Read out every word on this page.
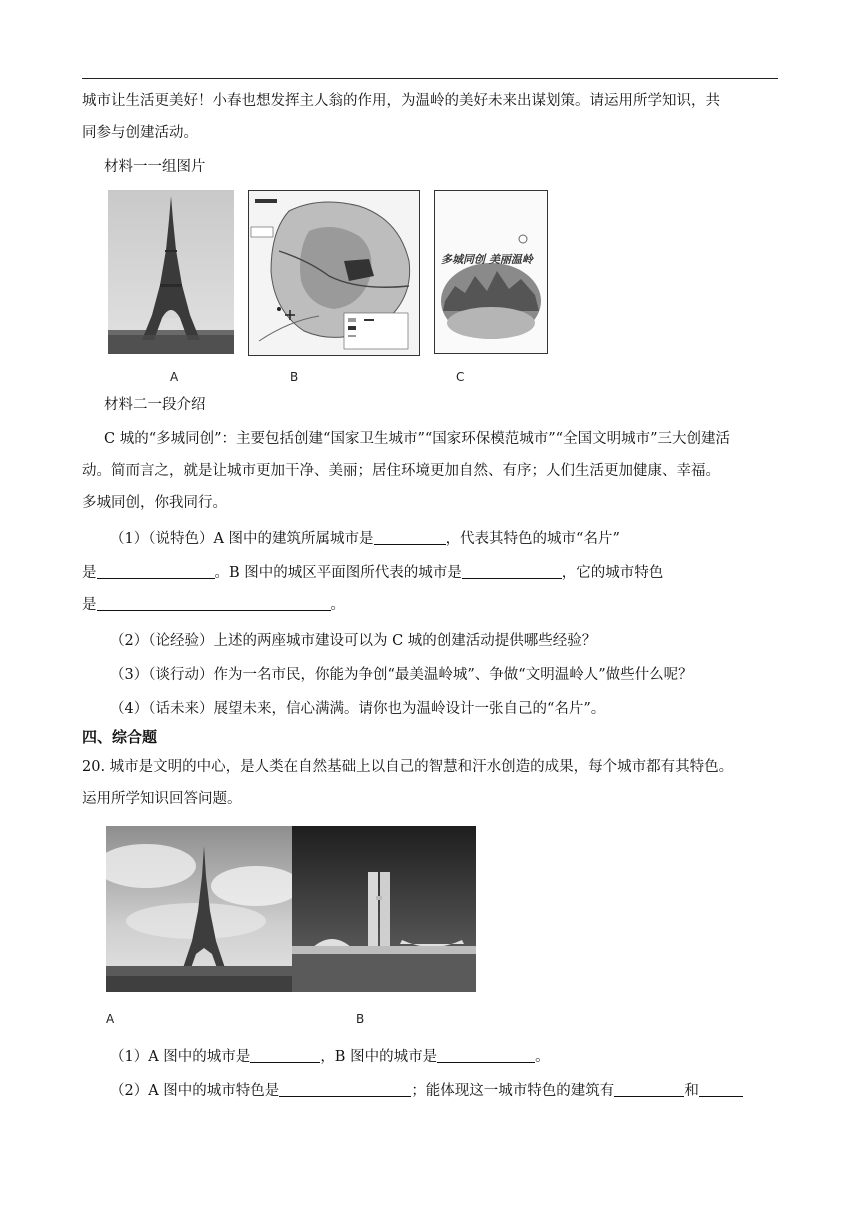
城市让生活更美好！小春也想发挥主人翁的作用，为温岭的美好未来出谋划策。请运用所学知识，共
同参与创建活动。
材料一一组图片
多城同创 美丽温岭
A	B	C
材料二一段介绍
C 城的“多城同创”：主要包括创建“国家卫生城市”“国家环保模范城市”“全国文明城市”三大创建活
动。简而言之，就是让城市更加干净、美丽；居住环境更加自然、有序；人们生活更加健康、幸福。
多城同创，你我同行。
（1）（说特色）A 图中的建筑所属城市是	，代表其特色的城市“名片”
是	。B 图中的城区平面图所代表的城市是	，它的城市特色
是	。
（2）（论经验）上述的两座城市建设可以为 C 城的创建活动提供哪些经验？
（3）（谈行动）作为一名市民，你能为争创“最美温岭城”、争做“文明温岭人”做些什么呢？
（4）（话未来）展望未来，信心满满。请你也为温岭设计一张自己的“名片”。
四、综合题
20. 城市是文明的中心，是人类在自然基础上以自己的智慧和汗水创造的成果，每个城市都有其特色。
运用所学知识回答问题。
A	B
（1）A 图中的城市是	，B 图中的城市是	。
（2）A 图中的城市特色是	；能体现这一城市特色的建筑有	和
